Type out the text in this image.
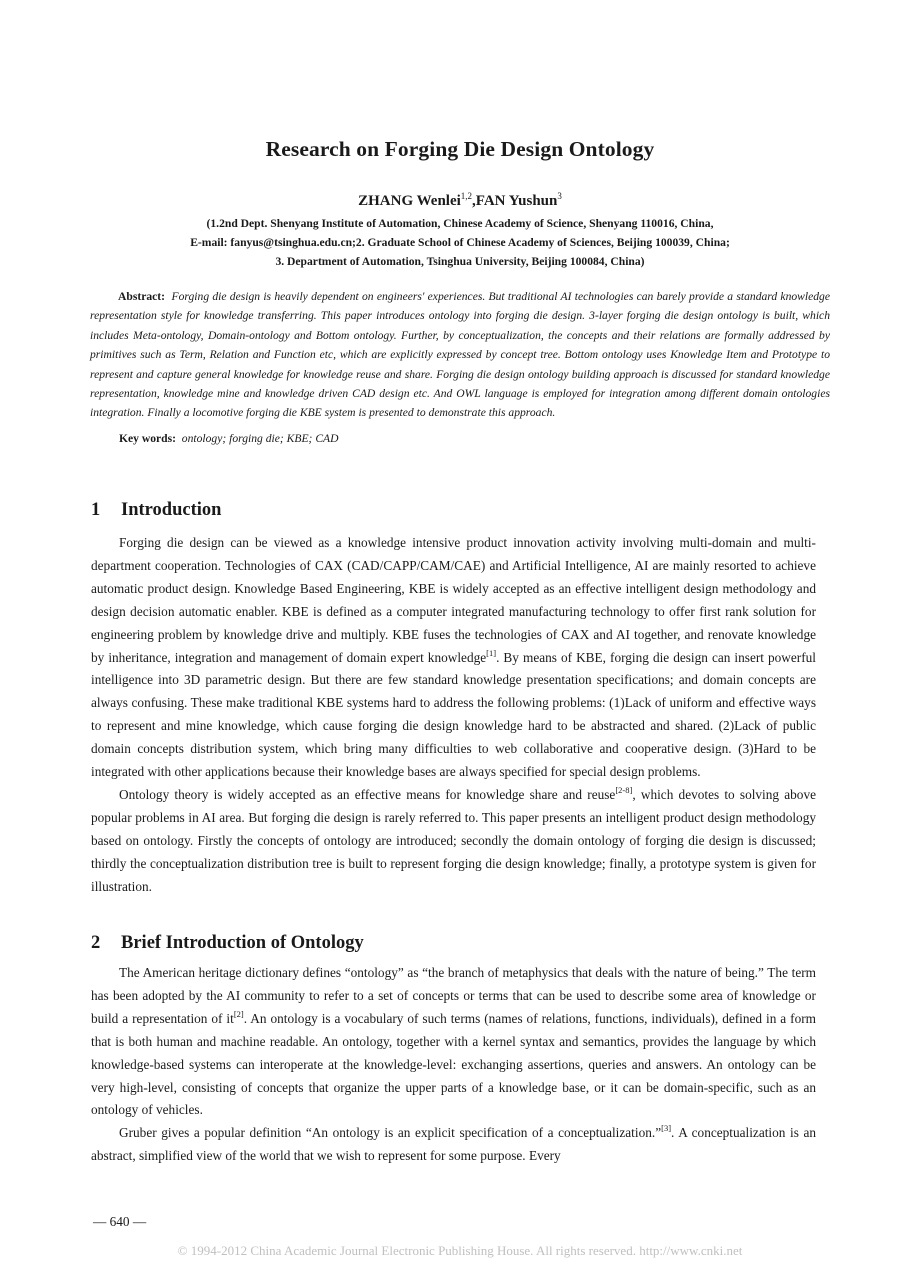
Research on Forging Die Design Ontology
ZHANG Wenlei$^{1,2}$,FAN Yushun$^3$
(1.2nd Dept. Shenyang Institute of Automation, Chinese Academy of Science, Shenyang 110016, China,
E-mail: fanyus@tsinghua.edu.cn;2. Graduate School of Chinese Academy of Sciences, Beijing 100039, China;
3. Department of Automation, Tsinghua University, Beijing 100084, China)
Abstract: Forging die design is heavily dependent on engineers' experiences. But traditional AI technologies can barely provide a standard knowledge representation style for knowledge transferring. This paper introduces ontology into forging die design. 3-layer forging die design ontology is built, which includes Meta-ontology, Domain-ontology and Bottom ontology. Further, by conceptualization, the concepts and their relations are formally addressed by primitives such as Term, Relation and Function etc, which are explicitly expressed by concept tree. Bottom ontology uses Knowledge Item and Prototype to represent and capture general knowledge for knowledge reuse and share. Forging die design ontology building approach is discussed for standard knowledge representation, knowledge mine and knowledge driven CAD design etc. And OWL language is employed for integration among different domain ontologies integration. Finally a locomotive forging die KBE system is presented to demonstrate this approach.
Key words: ontology; forging die; KBE; CAD
1 Introduction

Forging die design can be viewed as a knowledge intensive product innovation activity involving multi-domain and multi-department cooperation. Technologies of CAX (CAD/CAPP/CAM/CAE) and Artificial Intelligence, AI are mainly resorted to achieve automatic product design. Knowledge Based Engineering, KBE is widely accepted as an effective intelligent design methodology and design decision automatic enabler. KBE is defined as a computer integrated manufacturing technology to offer first rank solution for engineering problem by knowledge drive and multiply. KBE fuses the technologies of CAX and AI together, and renovate knowledge by inheritance, integration and management of domain expert knowledge[1]. By means of KBE, forging die design can insert powerful intelligence into 3D parametric design. But there are few standard knowledge presentation specifications; and domain concepts are always confusing. These make traditional KBE systems hard to address the following problems: (1)Lack of uniform and effective ways to represent and mine knowledge, which cause forging die design knowledge hard to be abstracted and shared. (2)Lack of public domain concepts distribution system, which bring many difficulties to web collaborative and cooperative design. (3)Hard to be integrated with other applications because their knowledge bases are always specified for special design problems.

Ontology theory is widely accepted as an effective means for knowledge share and reuse[2-8], which devotes to solving above popular problems in AI area. But forging die design is rarely referred to. This paper presents an intelligent product design methodology based on ontology. Firstly the concepts of ontology are introduced; secondly the domain ontology of forging die design is discussed; thirdly the conceptualization distribution tree is built to represent forging die design knowledge; finally, a prototype system is given for illustration.

2 Brief Introduction of Ontology

The American heritage dictionary defines “ontology” as “the branch of metaphysics that deals with the nature of being.” The term has been adopted by the AI community to refer to a set of concepts or terms that can be used to describe some area of knowledge or build a representation of it[2]. An ontology is a vocabulary of such terms (names of relations, functions, individuals), defined in a form that is both human and machine readable. An ontology, together with a kernel syntax and semantics, provides the language by which knowledge-based systems can interoperate at the knowledge-level: exchanging assertions, queries and answers. An ontology can be very high-level, consisting of concepts that organize the upper parts of a knowledge base, or it can be domain-specific, such as an ontology of vehicles.

Gruber gives a popular definition “An ontology is an explicit specification of a conceptualization.”[3]. A conceptualization is an abstract, simplified view of the world that we wish to represent for some purpose. Every

— 640 —
© 1994-2012 China Academic Journal Electronic Publishing House. All rights reserved. http://www.cnki.net
